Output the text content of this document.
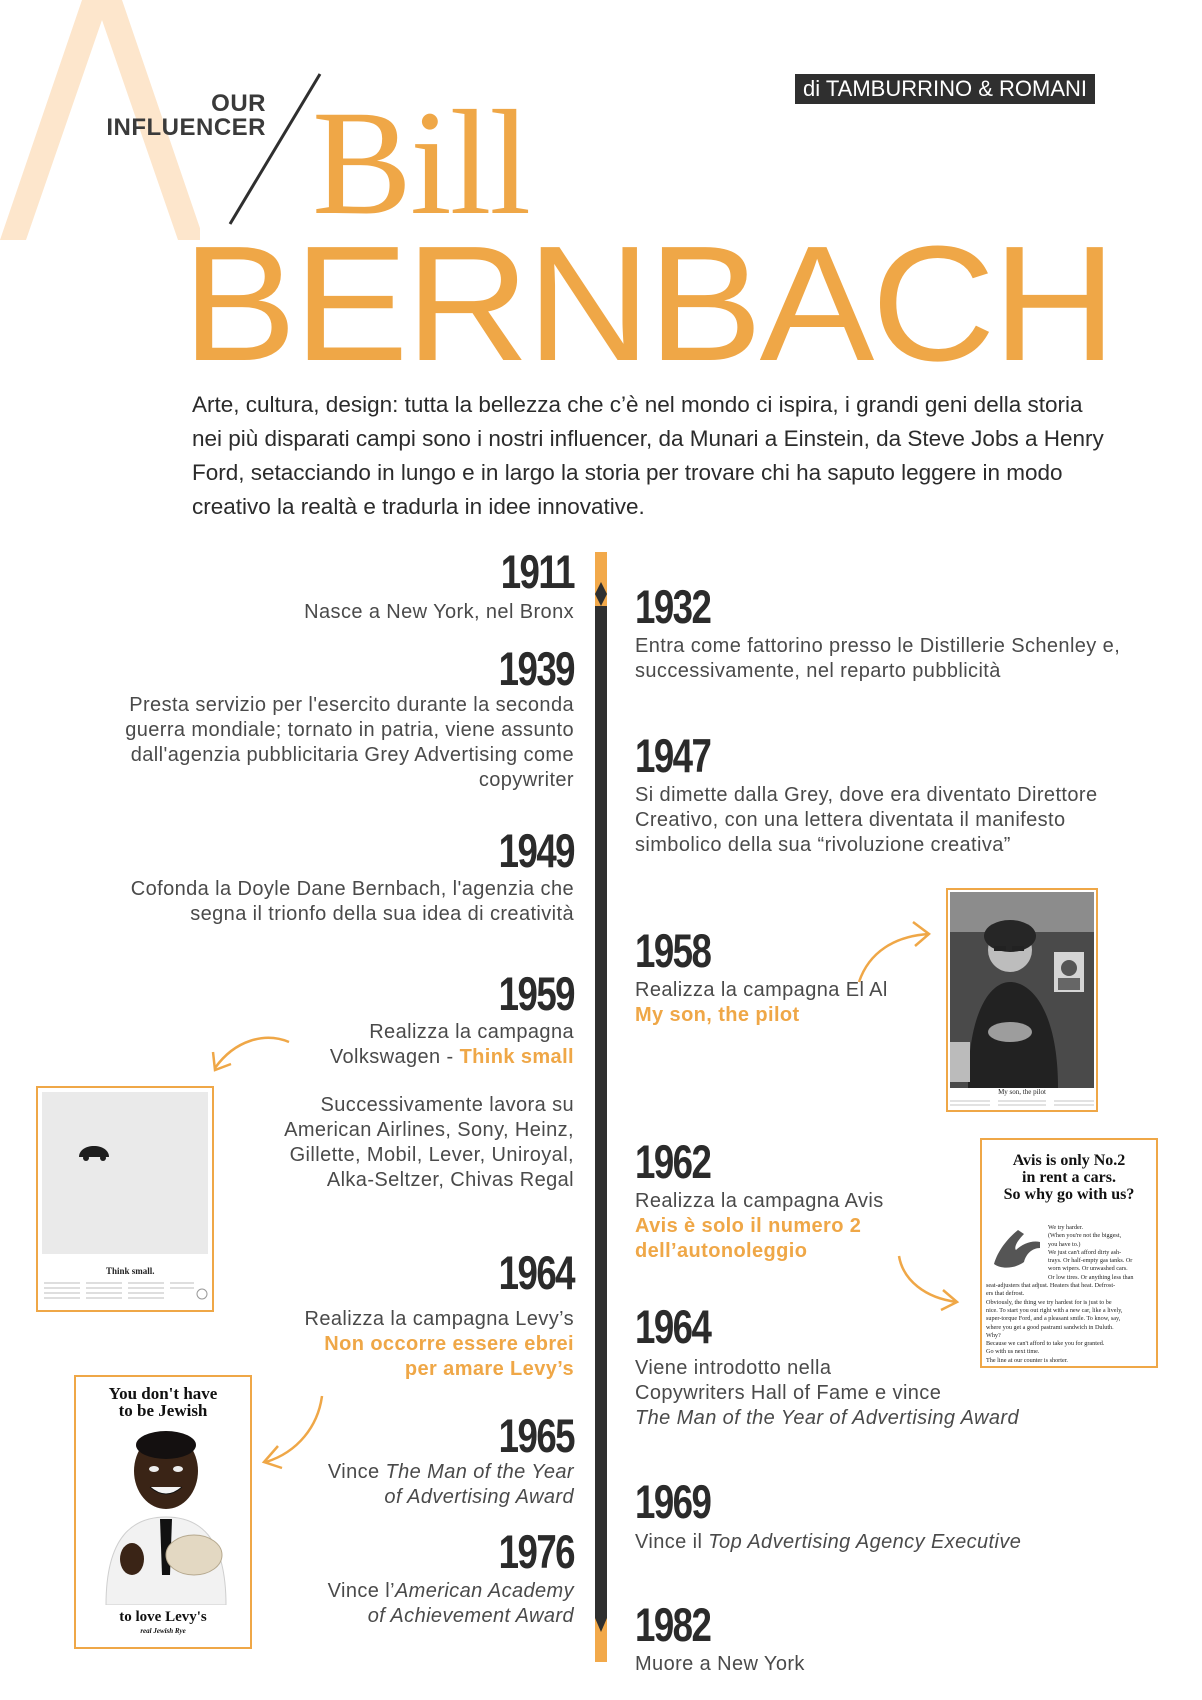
OUR
INFLUENCER
di TAMBURRINO & ROMANI
Bill
BERNBACH
Arte, cultura, design: tutta la bellezza che c’è nel mondo ci ispira, i grandi geni della storia nei più disparati campi sono i nostri influencer, da Munari a Einstein, da Steve Jobs a Henry Ford, setacciando in lungo e in largo la storia per trovare chi ha saputo leggere in modo creativo la realtà e tradurla in idee innovative.
1911
Nasce a New York, nel Bronx
1939
Presta servizio per l'esercito durante la seconda guerra mondiale; tornato in patria, viene assunto dall'agenzia pubblicitaria Grey Advertising come copywriter
1949
Cofonda la Doyle Dane Bernbach, l'agenzia che segna il trionfo della sua idea di creatività
1959
Realizza la campagna
Volkswagen - Think small
Successivamente lavora su American Airlines, Sony, Heinz, Gillette, Mobil, Lever, Uniroyal, Alka-Seltzer, Chivas Regal
1964
Realizza la campagna Levy’s
Non occorre essere ebrei
per amare Levy’s
1965
Vince The Man of the Year
of Advertising Award
1976
Vince l’American Academy
of Achievement Award
1932
Entra come fattorino presso le Distillerie Schenley e, successivamente, nel reparto pubblicità
1947
Si dimette dalla Grey, dove era diventato Direttore Creativo, con una lettera diventata il manifesto simbolico della sua “rivoluzione creativa”
1958
Realizza la campagna El Al
My son, the pilot
1962
Realizza la campagna Avis
Avis è solo il numero 2
dell’autonoleggio
1964
Viene introdotto nella
Copywriters Hall of Fame e vince
The Man of the Year of Advertising Award
1969
Vince il Top Advertising Agency Executive
1982
Muore a New York
Think small.
My son, the pilot
Avis is only No.2
in rent a cars.
So why go with us?
We try harder.
(When you're not the biggest,
you have to.)
We just can't afford dirty ash-
trays. Or half-empty gas tanks. Or
worn wipers. Or unwashed cars.
Or low tires. Or anything less than
seat-adjusters that adjust. Heaters that heat. Defrost-
ers that defrost.
Obviously, the thing we try hardest for is just to be
nice. To start you out right with a new car, like a lively,
super-torque Ford, and a pleasant smile. To know, say,
where you get a good pastrami sandwich in Duluth.
Why?
Because we can't afford to take you for granted.
Go with us next time.
The line at our counter is shorter.
You don't have
to be Jewish
to love Levy's
real Jewish Rye
